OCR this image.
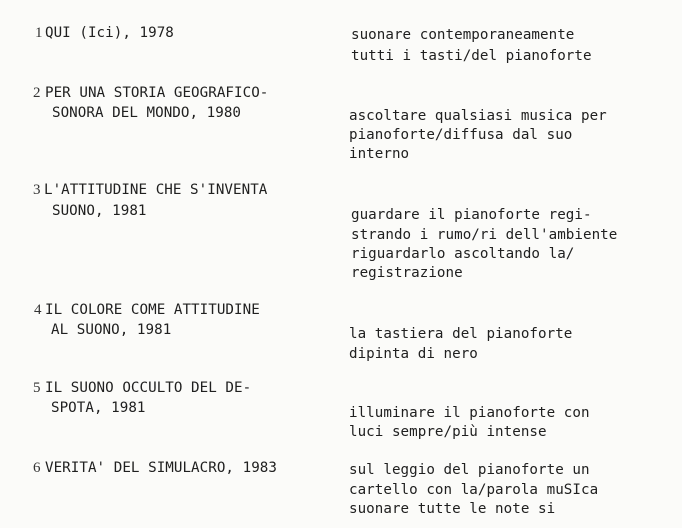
1 QUI (Ici), 1978	suonare contemporaneamente
tutti i tasti/del pianoforte
2 PER UNA STORIA GEOGRAFICO-
SONORA DEL MONDO, 1980	ascoltare qualsiasi musica per
pianoforte/diffusa dal suo
interno
3 L'ATTITUDINE CHE S'INVENTA
SUONO, 1981	guardare il pianoforte regi-
strando i rumo/ri dell'ambiente
riguardarlo ascoltando la/
registrazione
4 IL COLORE COME ATTITUDINE
AL SUONO, 1981	la tastiera del pianoforte
dipinta di nero
5 IL SUONO OCCULTO DEL DE-
SPOTA, 1981	illuminare il pianoforte con
luci sempre/più intense
6 VERITA' DEL SIMULACRO, 1983	sul leggio del pianoforte un
cartello con la/parola muSIca
suonare tutte le note si
